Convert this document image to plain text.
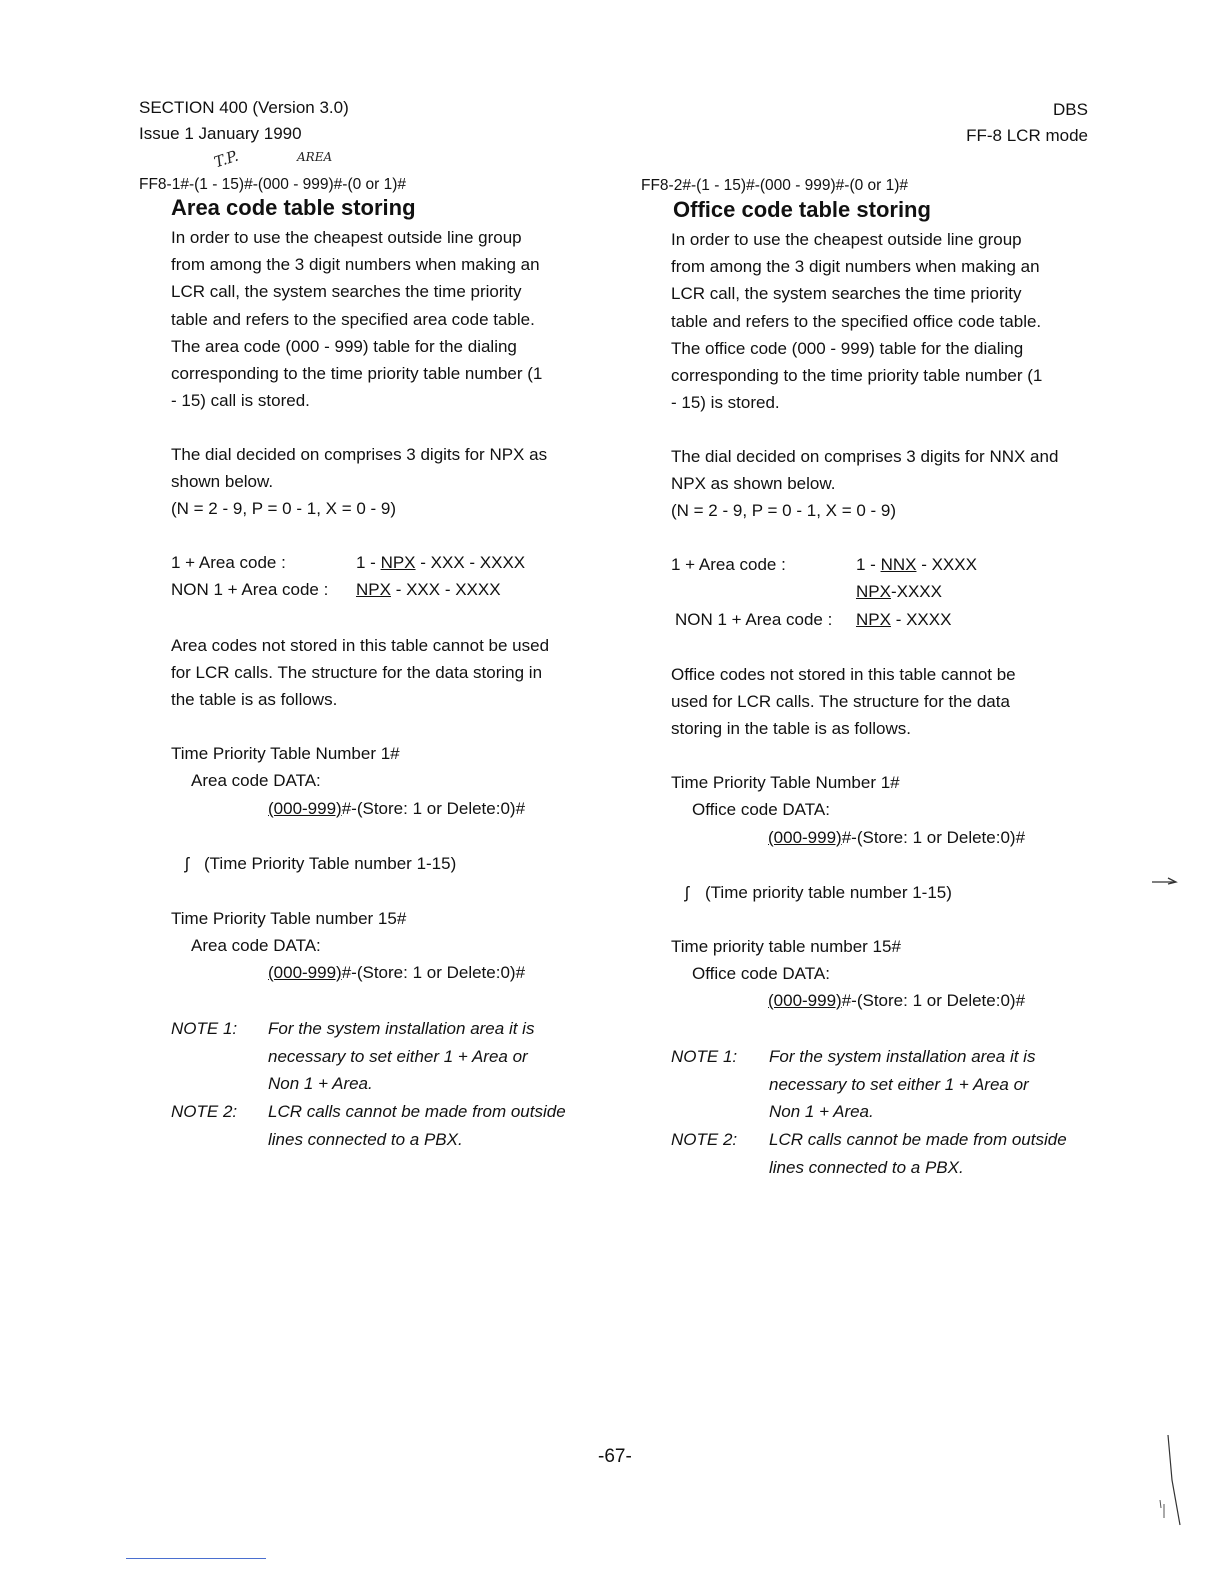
SECTION 400 (Version 3.0)
Issue 1 January 1990
DBS
FF-8 LCR mode
T.P.	AREA
FF8-1#-(1 - 15)#-(000 - 999)#-(0 or 1)#
Area code table storing
In order to use the cheapest outside line group
from among the 3 digit numbers when making an
LCR call, the system searches the time priority
table and refers to the specified area code table.
The area code (000 - 999) table for the dialing
corresponding to the time priority table number (1
- 15) call is stored.
The dial decided on comprises 3 digits for NPX as
shown below.
(N = 2 - 9, P = 0 - 1, X = 0 - 9)
1 + Area code :	1 - NPX - XXX - XXXX
NON 1 + Area code : NPX - XXX - XXXX
Area codes not stored in this table cannot be used
for LCR calls. The structure for the data storing in
the table is as follows.
Time Priority Table Number 1#
Area code DATA:
(000-999)#-(Store: 1 or Delete:0)#
ʃ (Time Priority Table number 1-15)
Time Priority Table number 15#
Area code DATA:
(000-999)#-(Store: 1 or Delete:0)#
NOTE 1: For the system installation area it is
necessary to set either 1 + Area or
Non 1 + Area.
NOTE 2: LCR calls cannot be made from outside
lines connected to a PBX.
FF8-2#-(1 - 15)#-(000 - 999)#-(0 or 1)#
Office code table storing
In order to use the cheapest outside line group
from among the 3 digit numbers when making an
LCR call, the system searches the time priority
table and refers to the specified office code table.
The office code (000 - 999) table for the dialing
corresponding to the time priority table number (1
- 15) is stored.
The dial decided on comprises 3 digits for NNX and
NPX as shown below.
(N = 2 - 9, P = 0 - 1, X = 0 - 9)
1 + Area code :	1 - NNX - XXXX
NPX-XXXX
NON 1 + Area code : NPX - XXXX
Office codes not stored in this table cannot be
used for LCR calls. The structure for the data
storing in the table is as follows.
Time Priority Table Number 1#
Office code DATA:
(000-999)#-(Store: 1 or Delete:0)#
ʃ (Time priority table number 1-15)
Time priority table number 15#
Office code DATA:
(000-999)#-(Store: 1 or Delete:0)#
NOTE 1: For the system installation area it is
necessary to set either 1 + Area or
Non 1 + Area.
NOTE 2: LCR calls cannot be made from outside
lines connected to a PBX.
-67-
